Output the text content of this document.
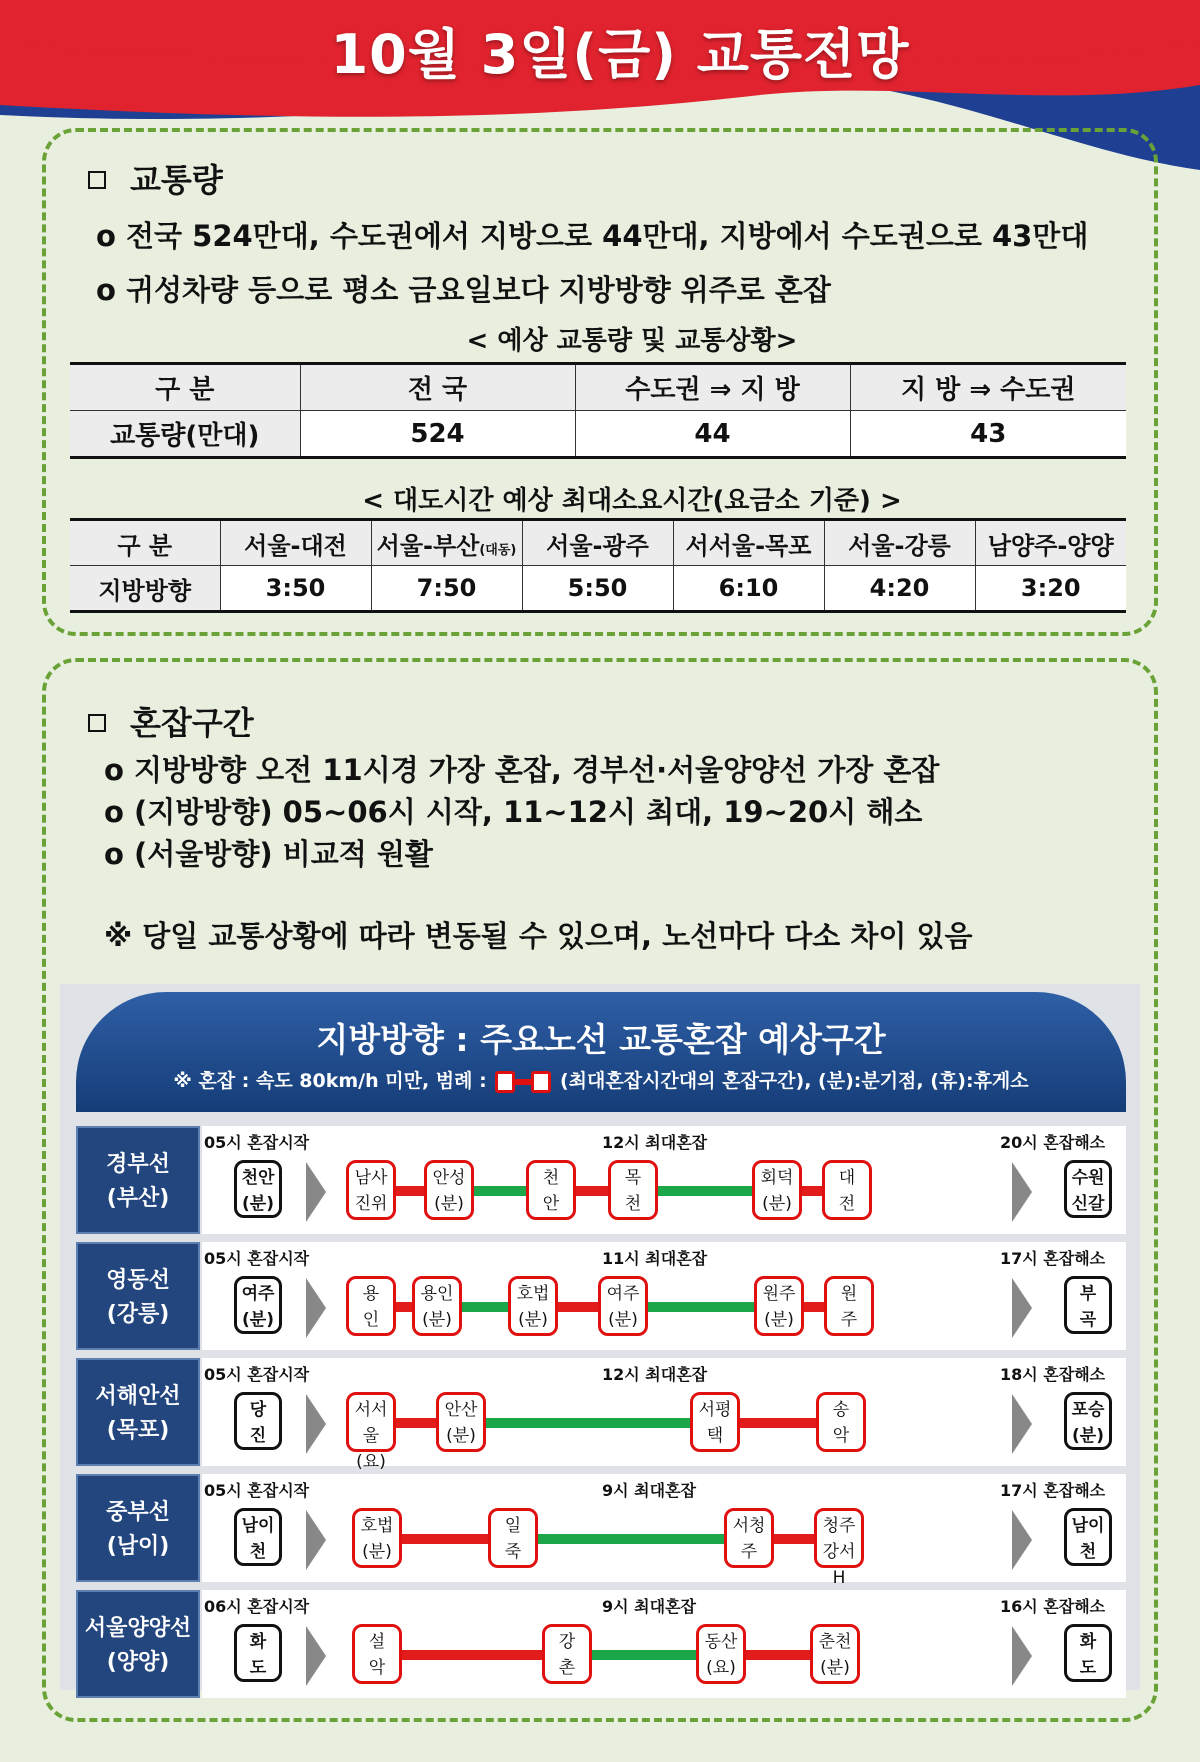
10월 3일(금) 교통전망
교통량
o 전국 524만대, 수도권에서 지방으로 44만대, 지방에서 수도권으로 43만대
o 귀성차량 등으로 평소 금요일보다 지방방향 위주로 혼잡
< 예상 교통량 및 교통상황>
구 분	전 국	수도권 ⇒ 지 방	지 방 ⇒ 수도권
교통량(만대)	524	44	43
< 대도시간 예상 최대소요시간(요금소 기준) >
구 분	서울-대전	서울-부산(대동)	서울-광주	서서울-목포	서울-강릉	남양주-양양
지방방향	3:50	7:50	5:50	6:10	4:20	3:20
혼잡구간
o 지방방향 오전 11시경 가장 혼잡, 경부선·서울양양선 가장 혼잡
o (지방방향) 05~06시 시작, 11~12시 최대, 19~20시 해소
o (서울방향) 비교적 원활
※ 당일 교통상황에 따라 변동될 수 있으며, 노선마다 다소 차이 있음
지방방향 : 주요노선 교통혼잡 예상구간
※ 혼잡 : 속도 80km/h 미만, 범례 :	(최대혼잡시간대의 혼잡구간), (분):분기점, (휴):휴게소
경부선
(부산)
05시 혼잡시작	12시 최대혼잡	20시 혼잡해소
천안
(분)
남사
진위
안성
(분)
천
안
목
천
회덕
(분)
대
전
수원
신갈
영동선
(강릉)
05시 혼잡시작	11시 최대혼잡	17시 혼잡해소
여주
(분)
용
인
용인
(분)
호법
(분)
여주
(분)
원주
(분)
원
주
부
곡
서해안선
(목포)
05시 혼잡시작	12시 최대혼잡	18시 혼잡해소
당
진
서서울
(요)
안산
(분)
서평
택
송
악
포승
(분)
중부선
(남이)
05시 혼잡시작	9시 최대혼잡	17시 혼잡해소
남이
천
호법
(분)
일
죽
서청
주
청주
강서H
남이
천
서울양양선
(양양)
06시 혼잡시작	9시 최대혼잡	16시 혼잡해소
화
도
설
악
강
촌
동산
(요)
춘천
(분)
화
도
